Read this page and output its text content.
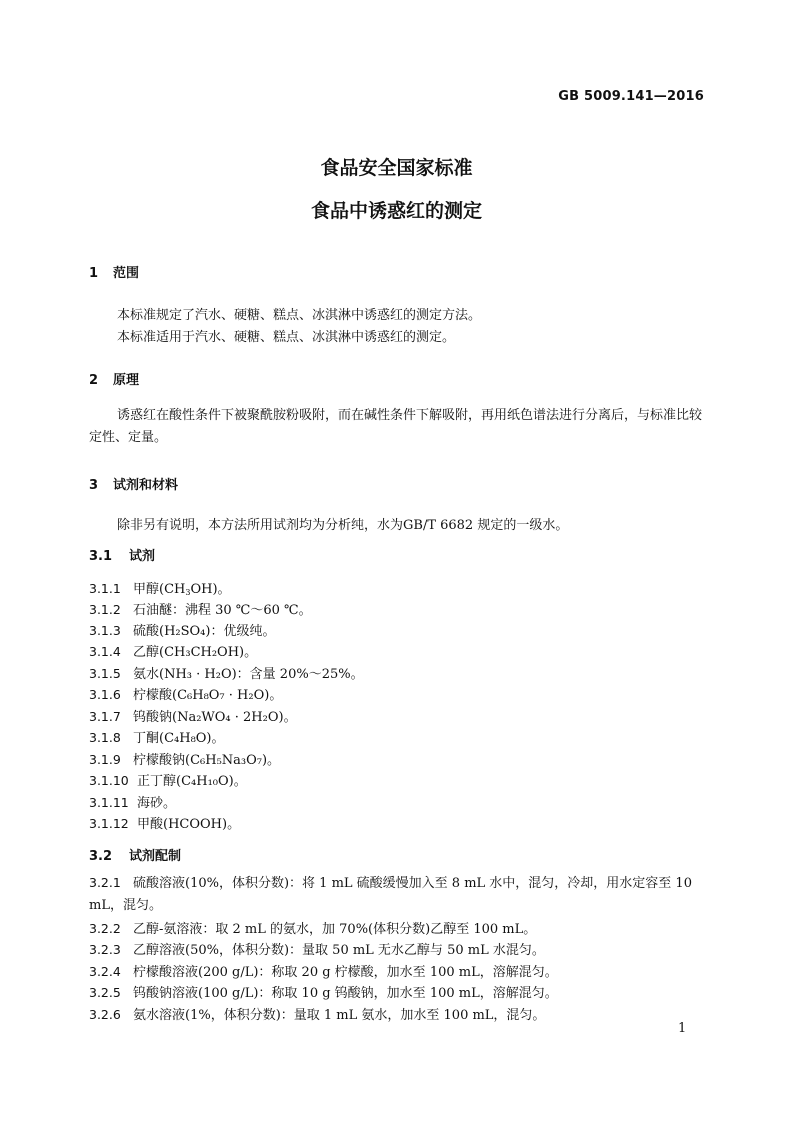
GB 5009.141—2016
食品安全国家标准
食品中诱惑红的测定
1 范围
本标准规定了汽水、硬糖、糕点、冰淇淋中诱惑红的测定方法。
本标准适用于汽水、硬糖、糕点、冰淇淋中诱惑红的测定。
2 原理
诱惑红在酸性条件下被聚酰胺粉吸附，而在碱性条件下解吸附，再用纸色谱法进行分离后，与标准比较定性、定量。
3 试剂和材料
除非另有说明，本方法所用试剂均为分析纯，水为GB/T 6682 规定的一级水。
3.1 试剂
3.1.1 甲醇$(CH_3OH)$。
3.1.2 石油醚：沸程 30 ℃～60 ℃。
3.1.3 硫酸(H₂SO₄)：优级纯。
3.1.4 乙醇(CH₃CH₂OH)。
3.1.5 氨水(NH₃ · H₂O)：含量 20%～25%。
3.1.6 柠檬酸(C₆H₈O₇ · H₂O)。
3.1.7 钨酸钠(Na₂WO₄ · 2H₂O)。
3.1.8 丁酮(C₄H₈O)。
3.1.9 柠檬酸钠(C₆H₅Na₃O₇)。
3.1.10 正丁醇(C₄H₁₀O)。
3.1.11 海砂。
3.1.12 甲酸(HCOOH)。
3.2 试剂配制
3.2.1 硫酸溶液(10%，体积分数)：将 1 mL 硫酸缓慢加入至 8 mL 水中，混匀，冷却，用水定容至 10 mL，混匀。
3.2.2 乙醇-氨溶液：取 2 mL 的氨水，加 70%(体积分数)乙醇至 100 mL。
3.2.3 乙醇溶液(50%，体积分数)：量取 50 mL 无水乙醇与 50 mL 水混匀。
3.2.4 柠檬酸溶液(200 g/L)：称取 20 g 柠檬酸，加水至 100 mL，溶解混匀。
3.2.5 钨酸钠溶液(100 g/L)：称取 10 g 钨酸钠，加水至 100 mL，溶解混匀。
3.2.6 氨水溶液(1%，体积分数)：量取 1 mL 氨水，加水至 100 mL，混匀。
1
